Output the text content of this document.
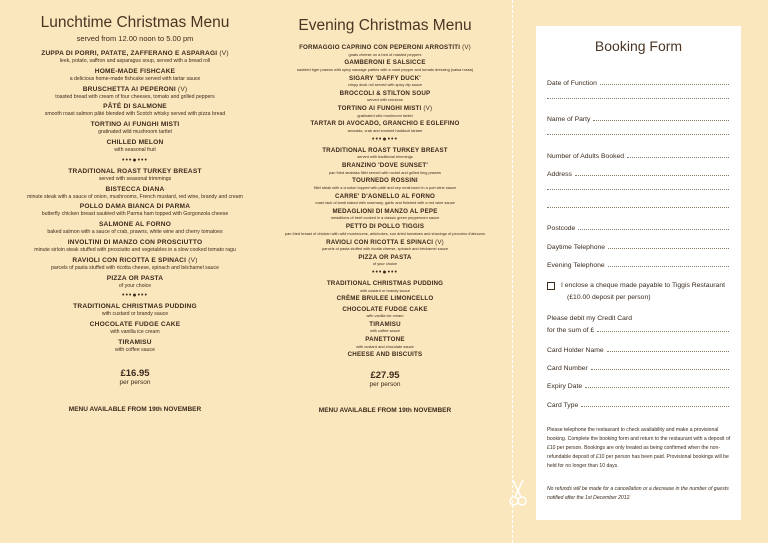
Lunchtime Christmas Menu
served from 12.00 noon to 5.00 pm
ZUPPA DI PORRI, PATATE, ZAFFERANO E ASPARAGI (V)
leek, potato, saffron and asparagus soup, served with a bread roll
HOME-MADE FISHCAKE
a delicious home-made fishcake served with tartar sauce
BRUSCHETTA AI PEPERONI (V)
toasted bread with cream of four cheeses, tomato and grilled peppers
PÂTÉ DI SALMONE
smooth roast salmon pâté blended with Scotch whisky served with pizza bread
TORTINO AI FUNGHI MISTI
gratinated wild mushroom tartlet
CHILLED MELON
with seasonal fruit
•••●•••
TRADITIONAL ROAST TURKEY BREAST
served with seasonal trimmings
BISTECCA DIANA
minute steak with a sauce of onion, mushrooms, French mustard, red wine, brandy and cream
POLLO DAMA BIANCA DI PARMA
butterfly chicken breast sautéed with Parma ham topped with Gorgonzola cheese
SALMONE AL FORNO
baked salmon with a sauce of crab, prawns, white wine and cherry tomatoes
INVOLTINI DI MANZO CON PROSCIUTTO
minute sirloin steak stuffed with prosciutto and vegetables in a slow cooked tomato ragu
RAVIOLI CON RICOTTA E SPINACI (V)
parcels of pasta stuffed with ricotta cheese, spinach and béchamel sauce
PIZZA OR PASTA
of your choice
•••●•••
TRADITIONAL CHRISTMAS PUDDING
with custard or brandy sauce
CHOCOLATE FUDGE CAKE
with vanilla ice cream
TIRAMISU
with coffee sauce
£16.95
per person
MENU AVAILABLE FROM 19th NOVEMBER
Evening Christmas Menu
FORMAGGIO CAPRINO CON PEPERONI ARROSTITI (V)
goats cheese on a bed of roasted peppers
GAMBERONI E SALSICCE
sautéed tiger prawns with spicy sausage patties with a roast pepper and tomato dressing (salsa rossa)
SIGARY 'DAFFY DUCK'
crispy duck roll served with spicy dip sauce
BROCCOLI & STILTON SOUP
served with croutons
TORTINO AI FUNGHI MISTI (V)
gratinated wild mushroom tartlet
TARTAR DI AVOCADO, GRANCHIO E EGLEFINO
avocado, crab and smoked haddock tartare
•••●•••
TRADITIONAL ROAST TURKEY BREAST
served with traditional trimmings
BRANZINO 'DOVE SUNSET'
pan fried seabass fillet served with rocket and grilled king prawns
TOURNEDO ROSSINI
fillet steak with a crouton topped with pâté and cep mushroom in a port wine sauce
CARRE' D'AGNELLO AL FORNO
roast rack of lamb baked with rosemary, garlic and finished with a red wine sauce
MEDAGLIONI DI MANZO AL PEPE
medallions of beef cooked in a classic green peppercorn sauce
PETTO DI POLLO TIGGIS
pan fried breast of chicken with wild mushrooms, artichokes, sun dried tomatoes and shavings of pecorino d'abruzzo
RAVIOLI CON RICOTTA E SPINACI (V)
parcels of pasta stuffed with ricotta cheese, spinach and béchamel sauce
PIZZA OR PASTA
of your choice
•••●•••
TRADITIONAL CHRISTMAS PUDDING
with custard or brandy sauce
CRÈME BRULEE LIMONCELLO
CHOCOLATE FUDGE CAKE
with vanilla ice cream
TIRAMISU
with coffee sauce
PANETTONE
with custard and chocolate sauce
CHEESE AND BISCUITS
£27.95
per person
MENU AVAILABLE FROM 19th NOVEMBER
Booking Form
Date of Function
Name of Party
Number of Adults Booked
Address
Postcode
Daytime Telephone
Evening Telephone
I enclose a cheque made payable to Tiggis Restaurant
(£10.00 deposit per person)
Please debit my Credit Card
for the sum of £
Card Holder Name
Card Number
Expiry Date
Card Type
Please telephone the restaurant to check availability and make a provisional booking. Complete the booking form and return to the restaurant with a deposit of £10 per person. Bookings are only treated as being confirmed when the non-refundable deposit of £10 per person has been paid. Provisional bookings will be held for no longer than 10 days.
No refunds will be made for a cancellation or a decrease in the number of guests notified after the 1st December 2012.
